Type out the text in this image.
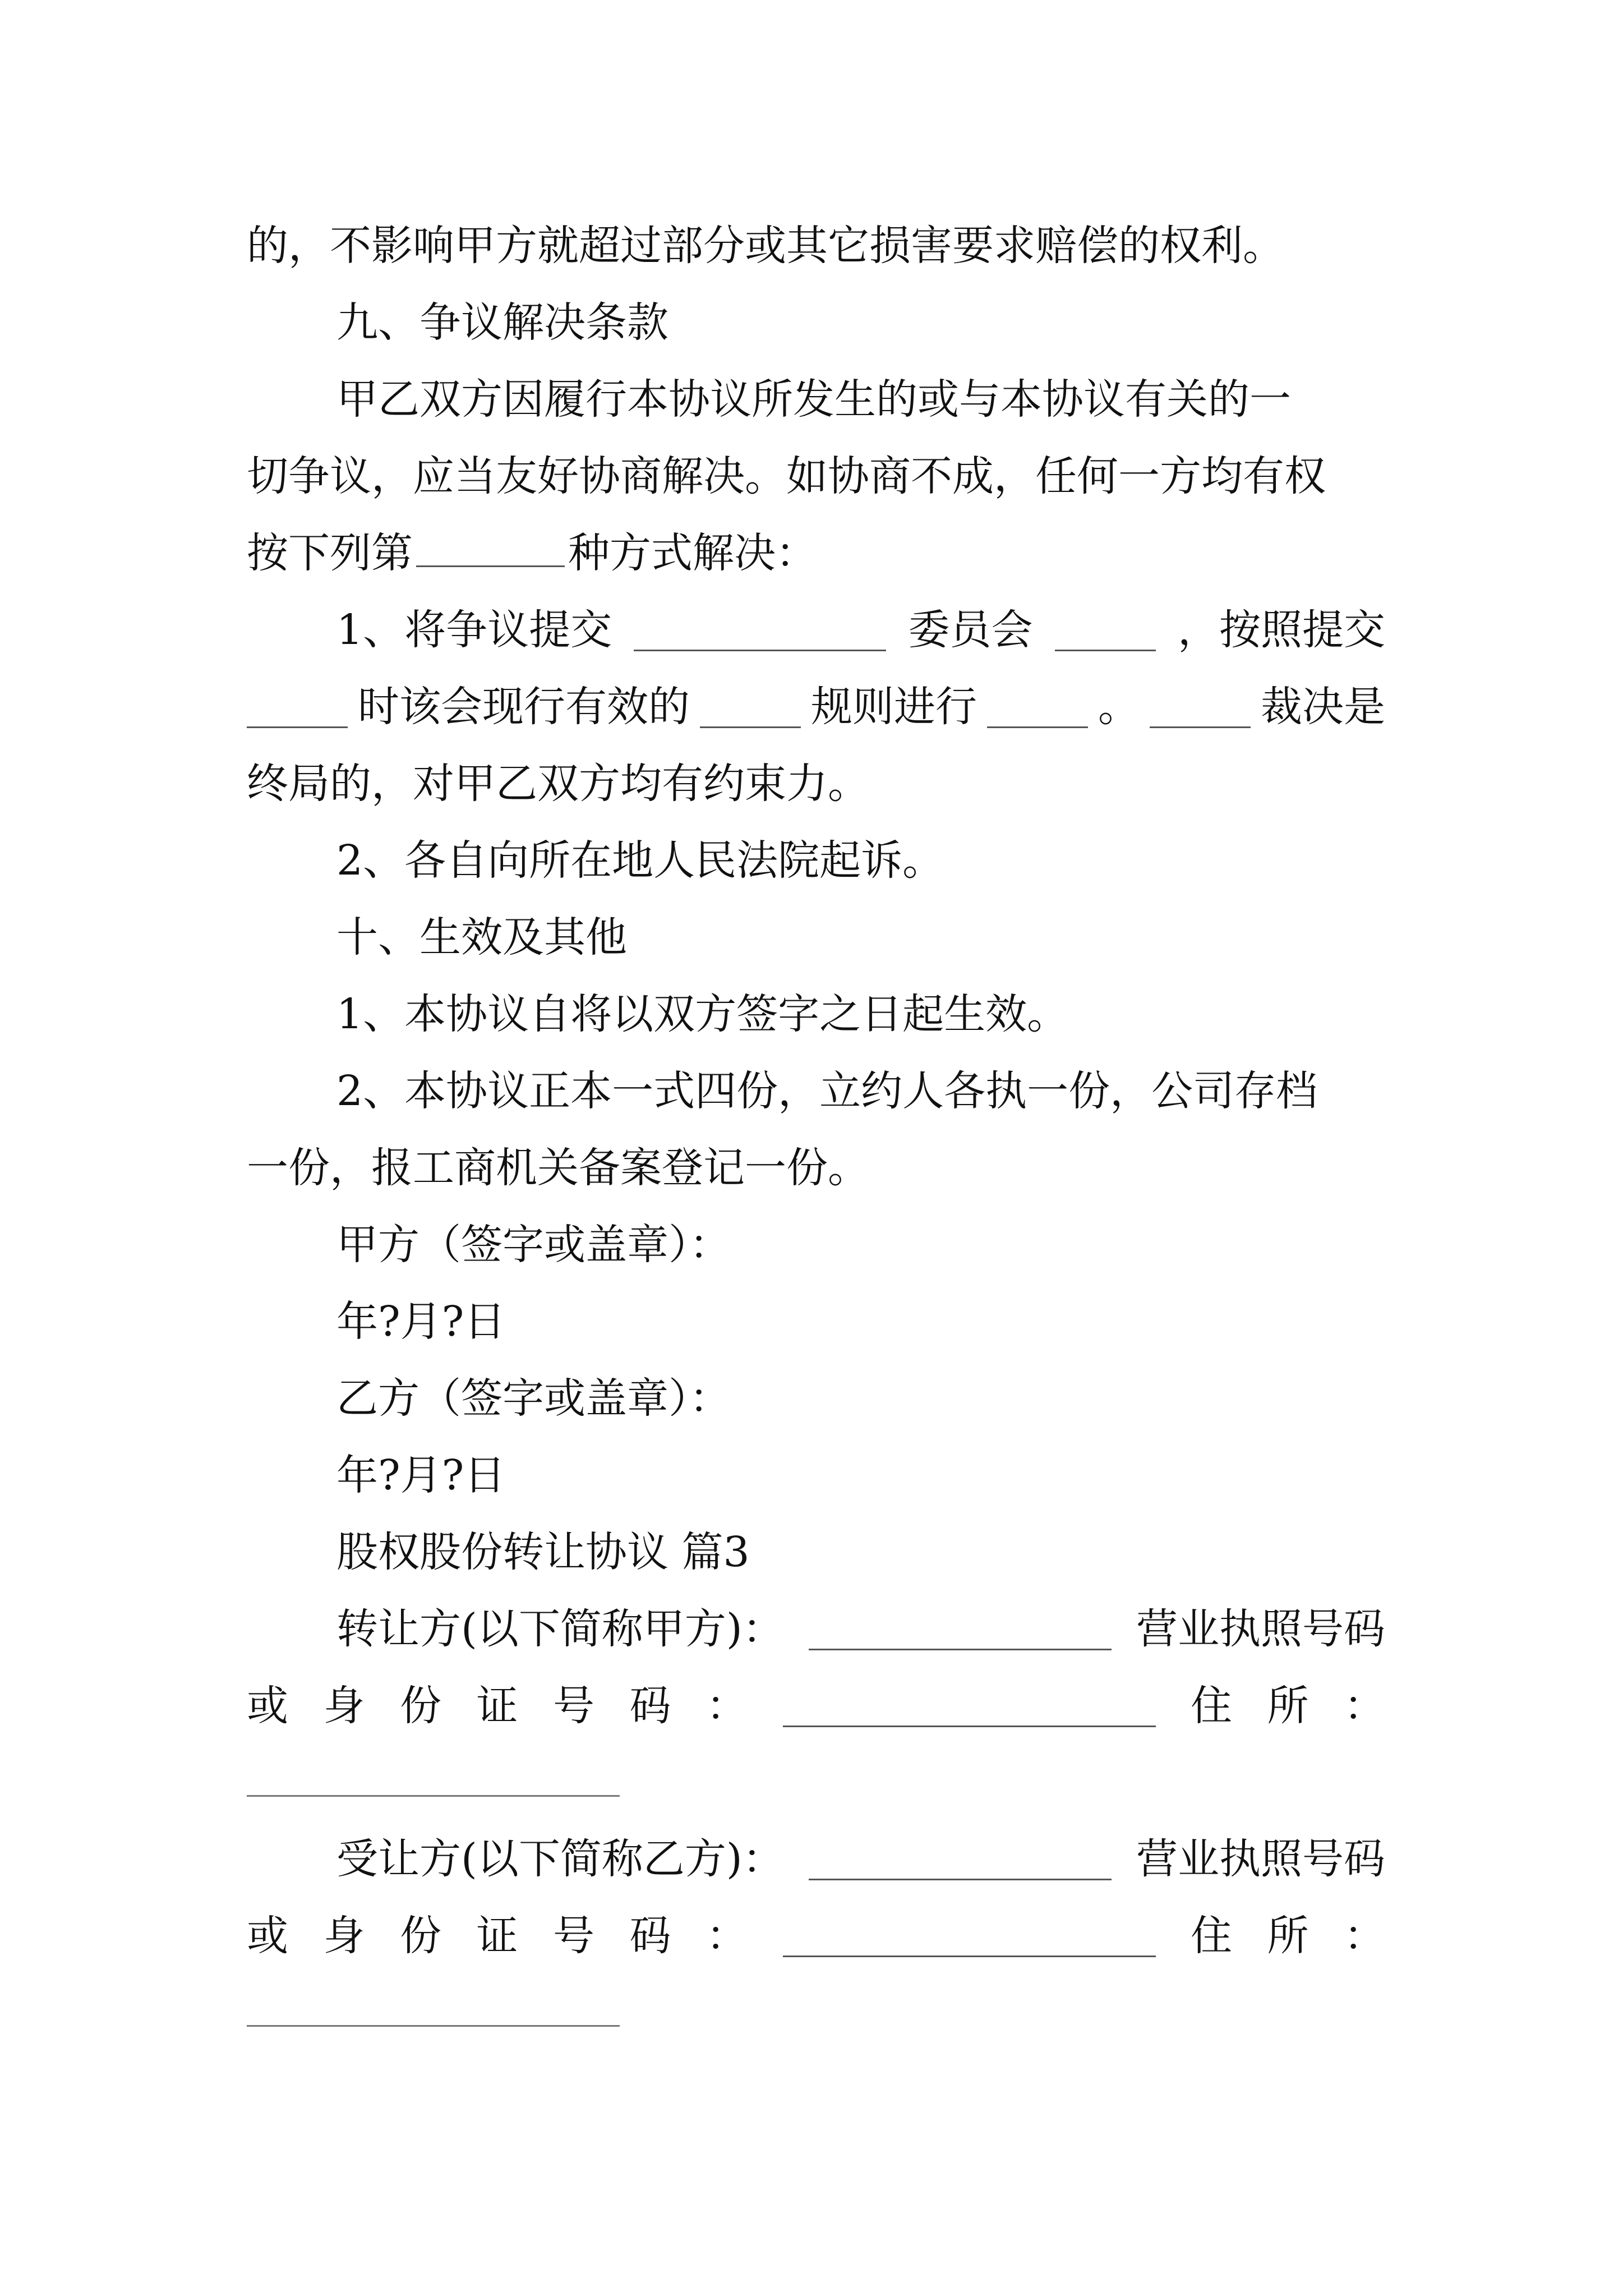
的，不影响甲方就超过部分或其它损害要求赔偿的权利。
九、争议解决条款
甲乙双方因履行本协议所发生的或与本协议有关的一
切争议，应当友好协商解决。如协商不成，任何一方均有权
按下列第	种方式解决：
1、将争议提交	委员会	，按照提交
时该会现行有效的	规则进行	。	裁决是
终局的，对甲乙双方均有约束力。
2、各自向所在地人民法院起诉。
十、生效及其他
1、本协议自将以双方签字之日起生效。
2、本协议正本一式四份，立约人各执一份，公司存档
一份，报工商机关备案登记一份。
甲方（签字或盖章）：
年?月?日
乙方（签字或盖章）：
年?月?日
股权股份转让协议 篇3
转让方(以下简称甲方)：	营业执照号码
或 身 份 证 号 码 ：	住 所 ：
受让方(以下简称乙方)：	营业执照号码
或 身 份 证 号 码 ：	住 所 ：
